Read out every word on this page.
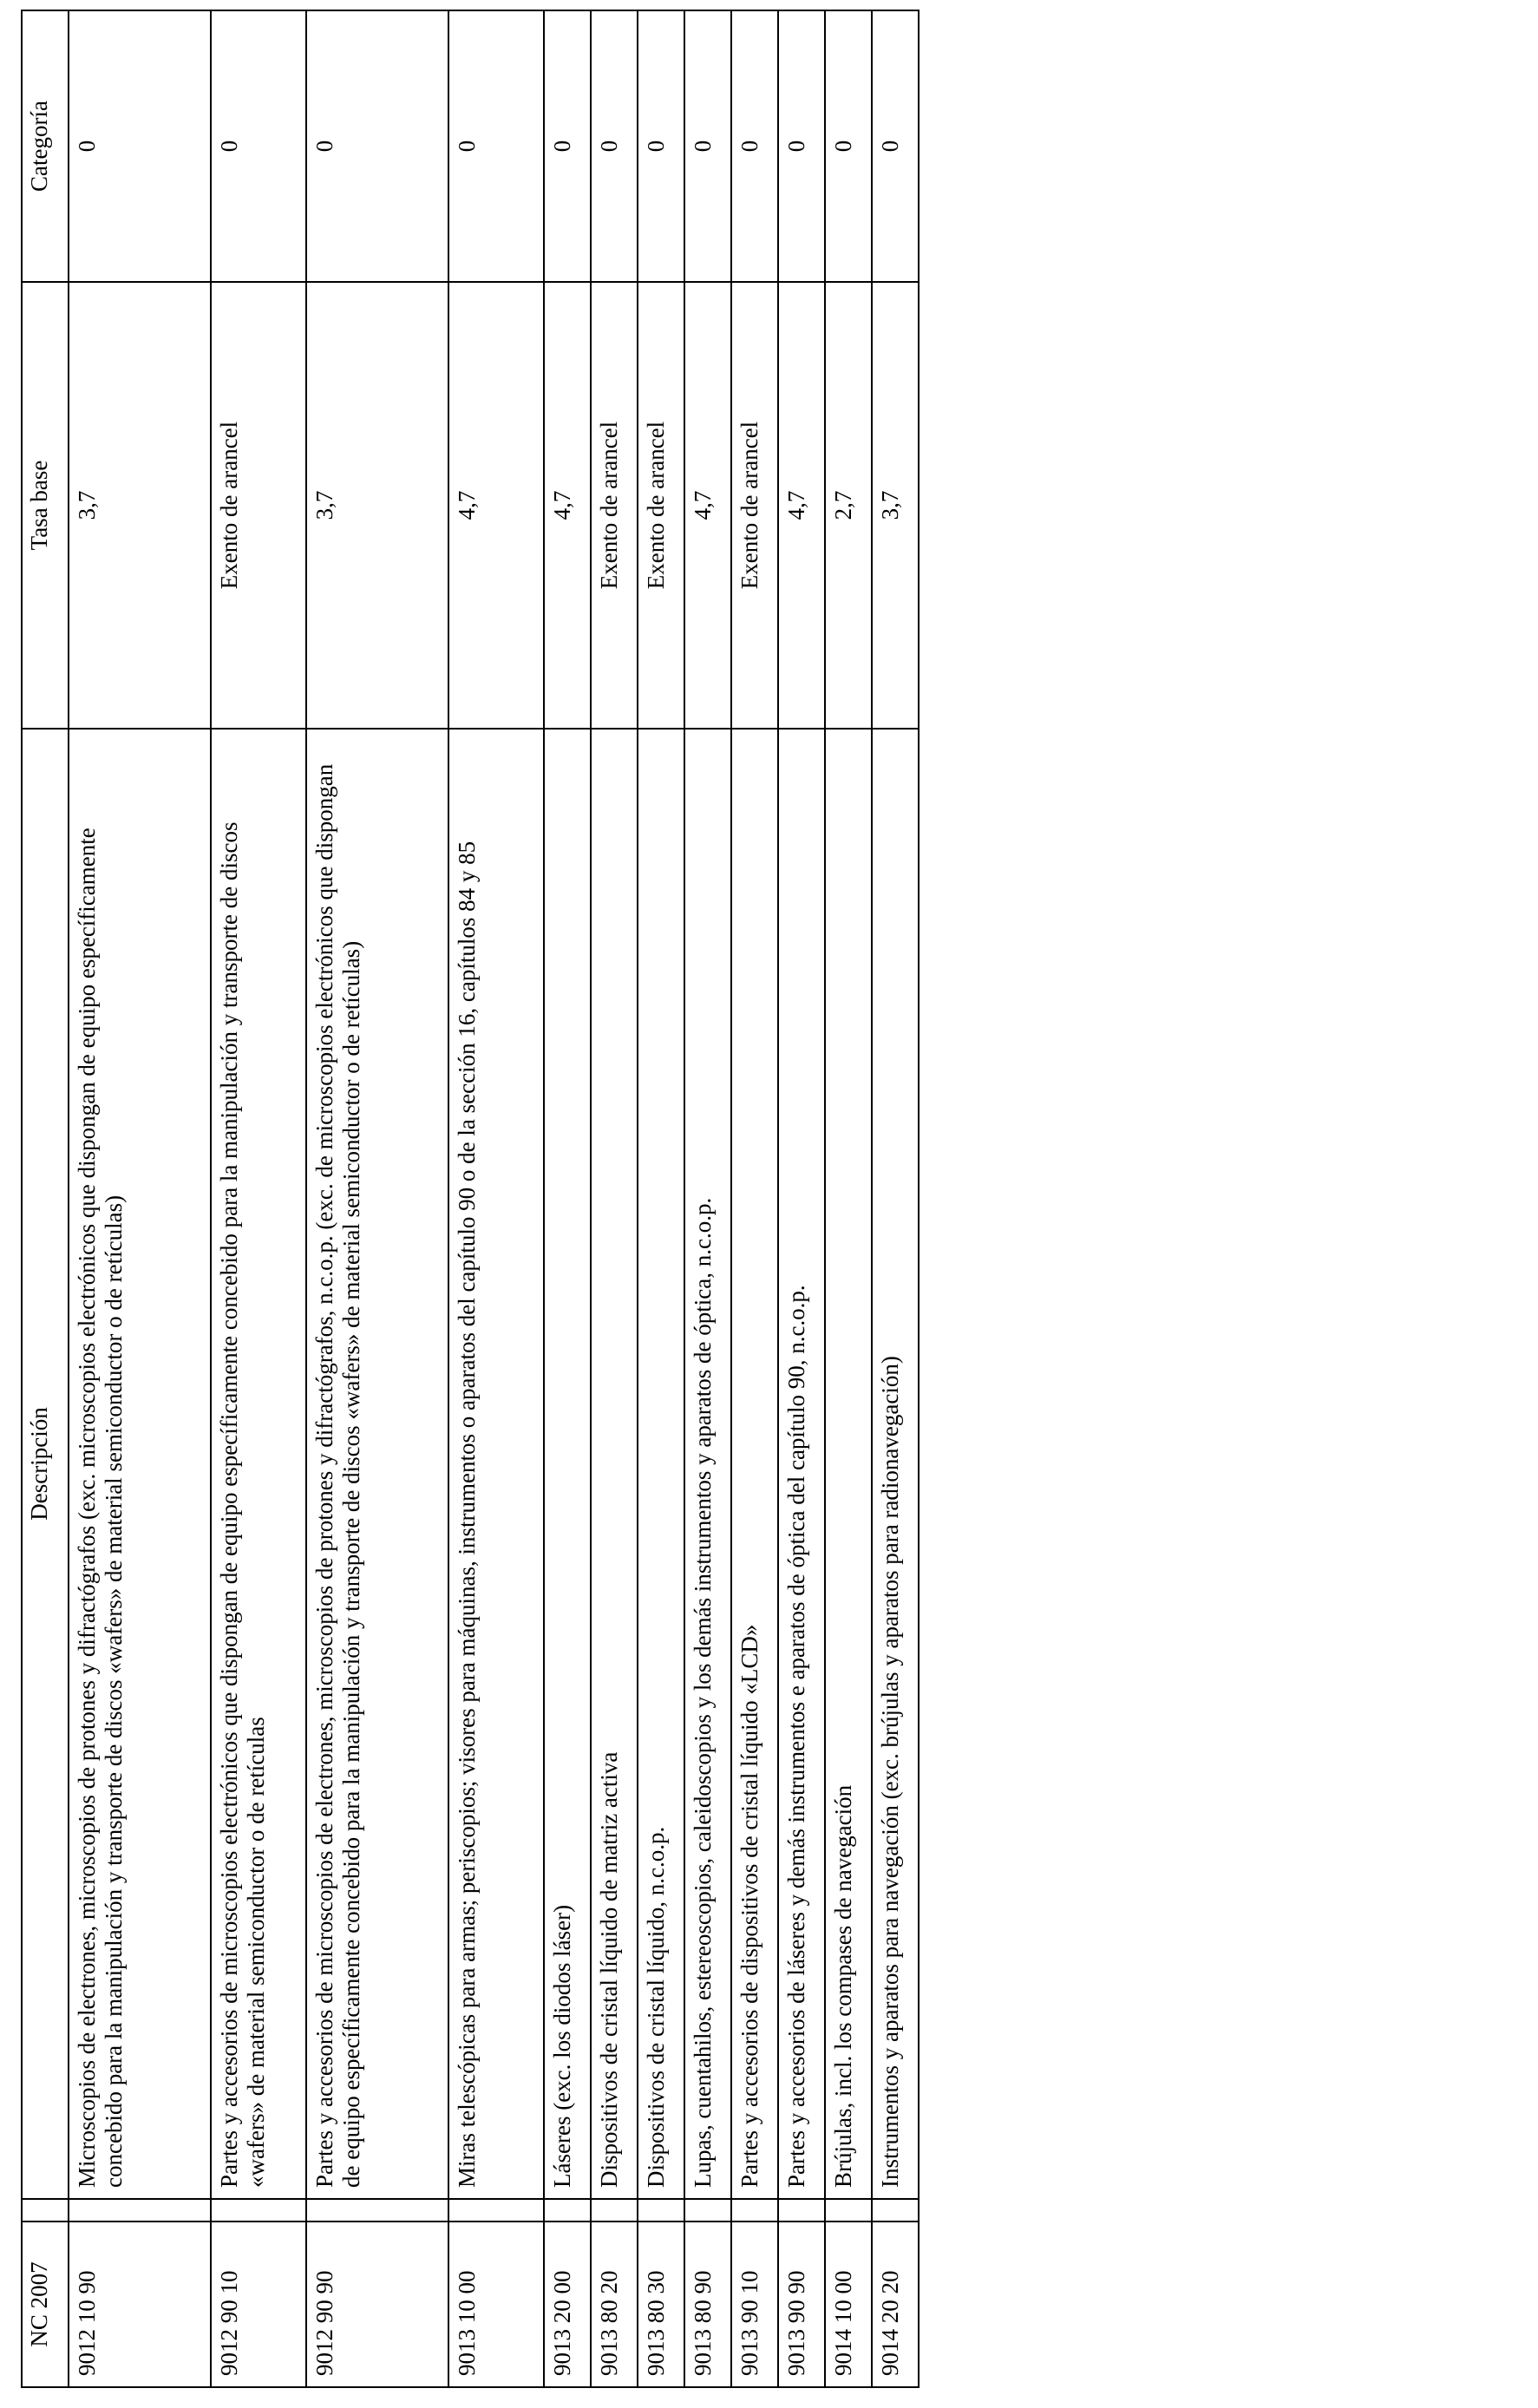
NC 2007		Descripción	Tasa base	Categoría
9012 10 90		Microscopios de electrones, microscopios de protones y difractógrafos (exc. microscopios electrónicos que dispongan de equipo específicamente concebido para la manipulación y transporte de discos «wafers» de material semiconductor o de retículas)	3,7	0
9012 90 10		Partes y accesorios de microscopios electrónicos que dispongan de equipo específicamente concebido para la manipulación y transporte de discos «wafers» de material semiconductor o de retículas	Exento de arancel	0
9012 90 90		Partes y accesorios de microscopios de electrones, microscopios de protones y difractógrafos, n.c.o.p. (exc. de microscopios electrónicos que dispongan de equipo específicamente concebido para la manipulación y transporte de discos «wafers» de material semiconductor o de retículas)	3,7	0
9013 10 00		Miras telescópicas para armas; periscopios; visores para máquinas, instrumentos o aparatos del capítulo 90 o de la sección 16, capítulos 84 y 85	4,7	0
9013 20 00		Láseres (exc. los diodos láser)	4,7	0
9013 80 20		Dispositivos de cristal líquido de matriz activa	Exento de arancel	0
9013 80 30		Dispositivos de cristal líquido, n.c.o.p.	Exento de arancel	0
9013 80 90		Lupas, cuentahilos, estereoscopios, caleidoscopios y los demás instrumentos y aparatos de óptica, n.c.o.p.	4,7	0
9013 90 10		Partes y accesorios de dispositivos de cristal líquido «LCD»	Exento de arancel	0
9013 90 90		Partes y accesorios de láseres y demás instrumentos e aparatos de óptica del capítulo 90, n.c.o.p.	4,7	0
9014 10 00		Brújulas, incl. los compases de navegación	2,7	0
9014 20 20		Instrumentos y aparatos para navegación (exc. brújulas y aparatos para radionavegación)	3,7	0
